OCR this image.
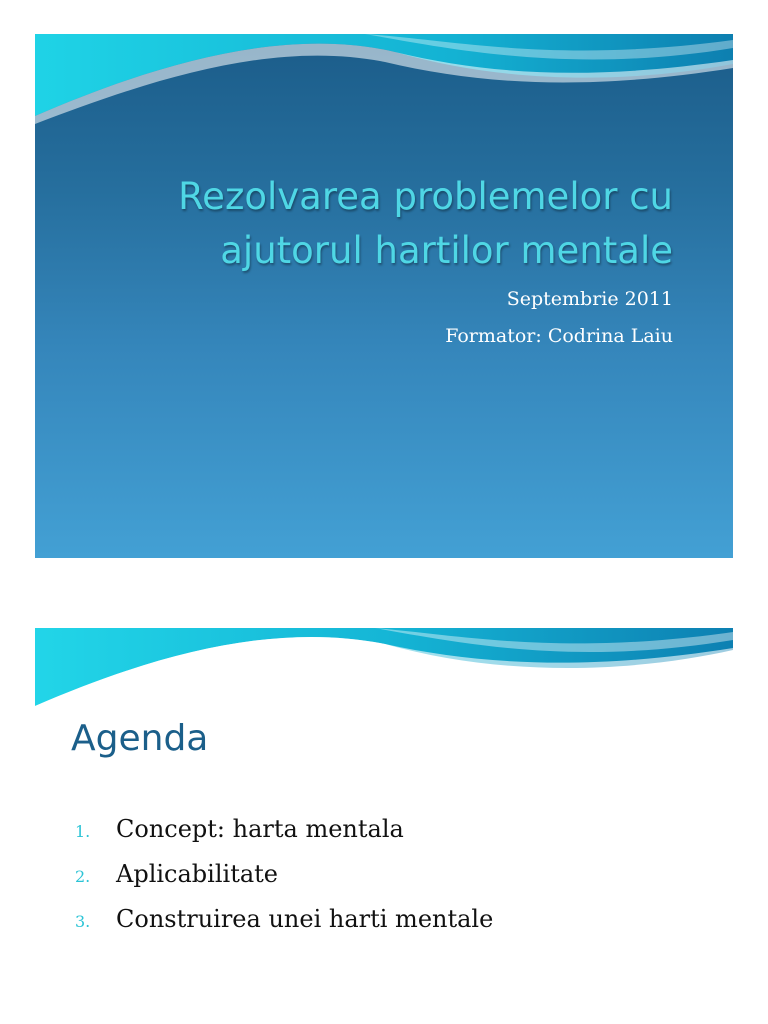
Rezolvarea problemelor cu ajutorul hartilor mentale
Septembrie 2011
Formator: Codrina Laiu
Agenda
1. Concept: harta mentala
2. Aplicabilitate
3. Construirea unei harti mentale
